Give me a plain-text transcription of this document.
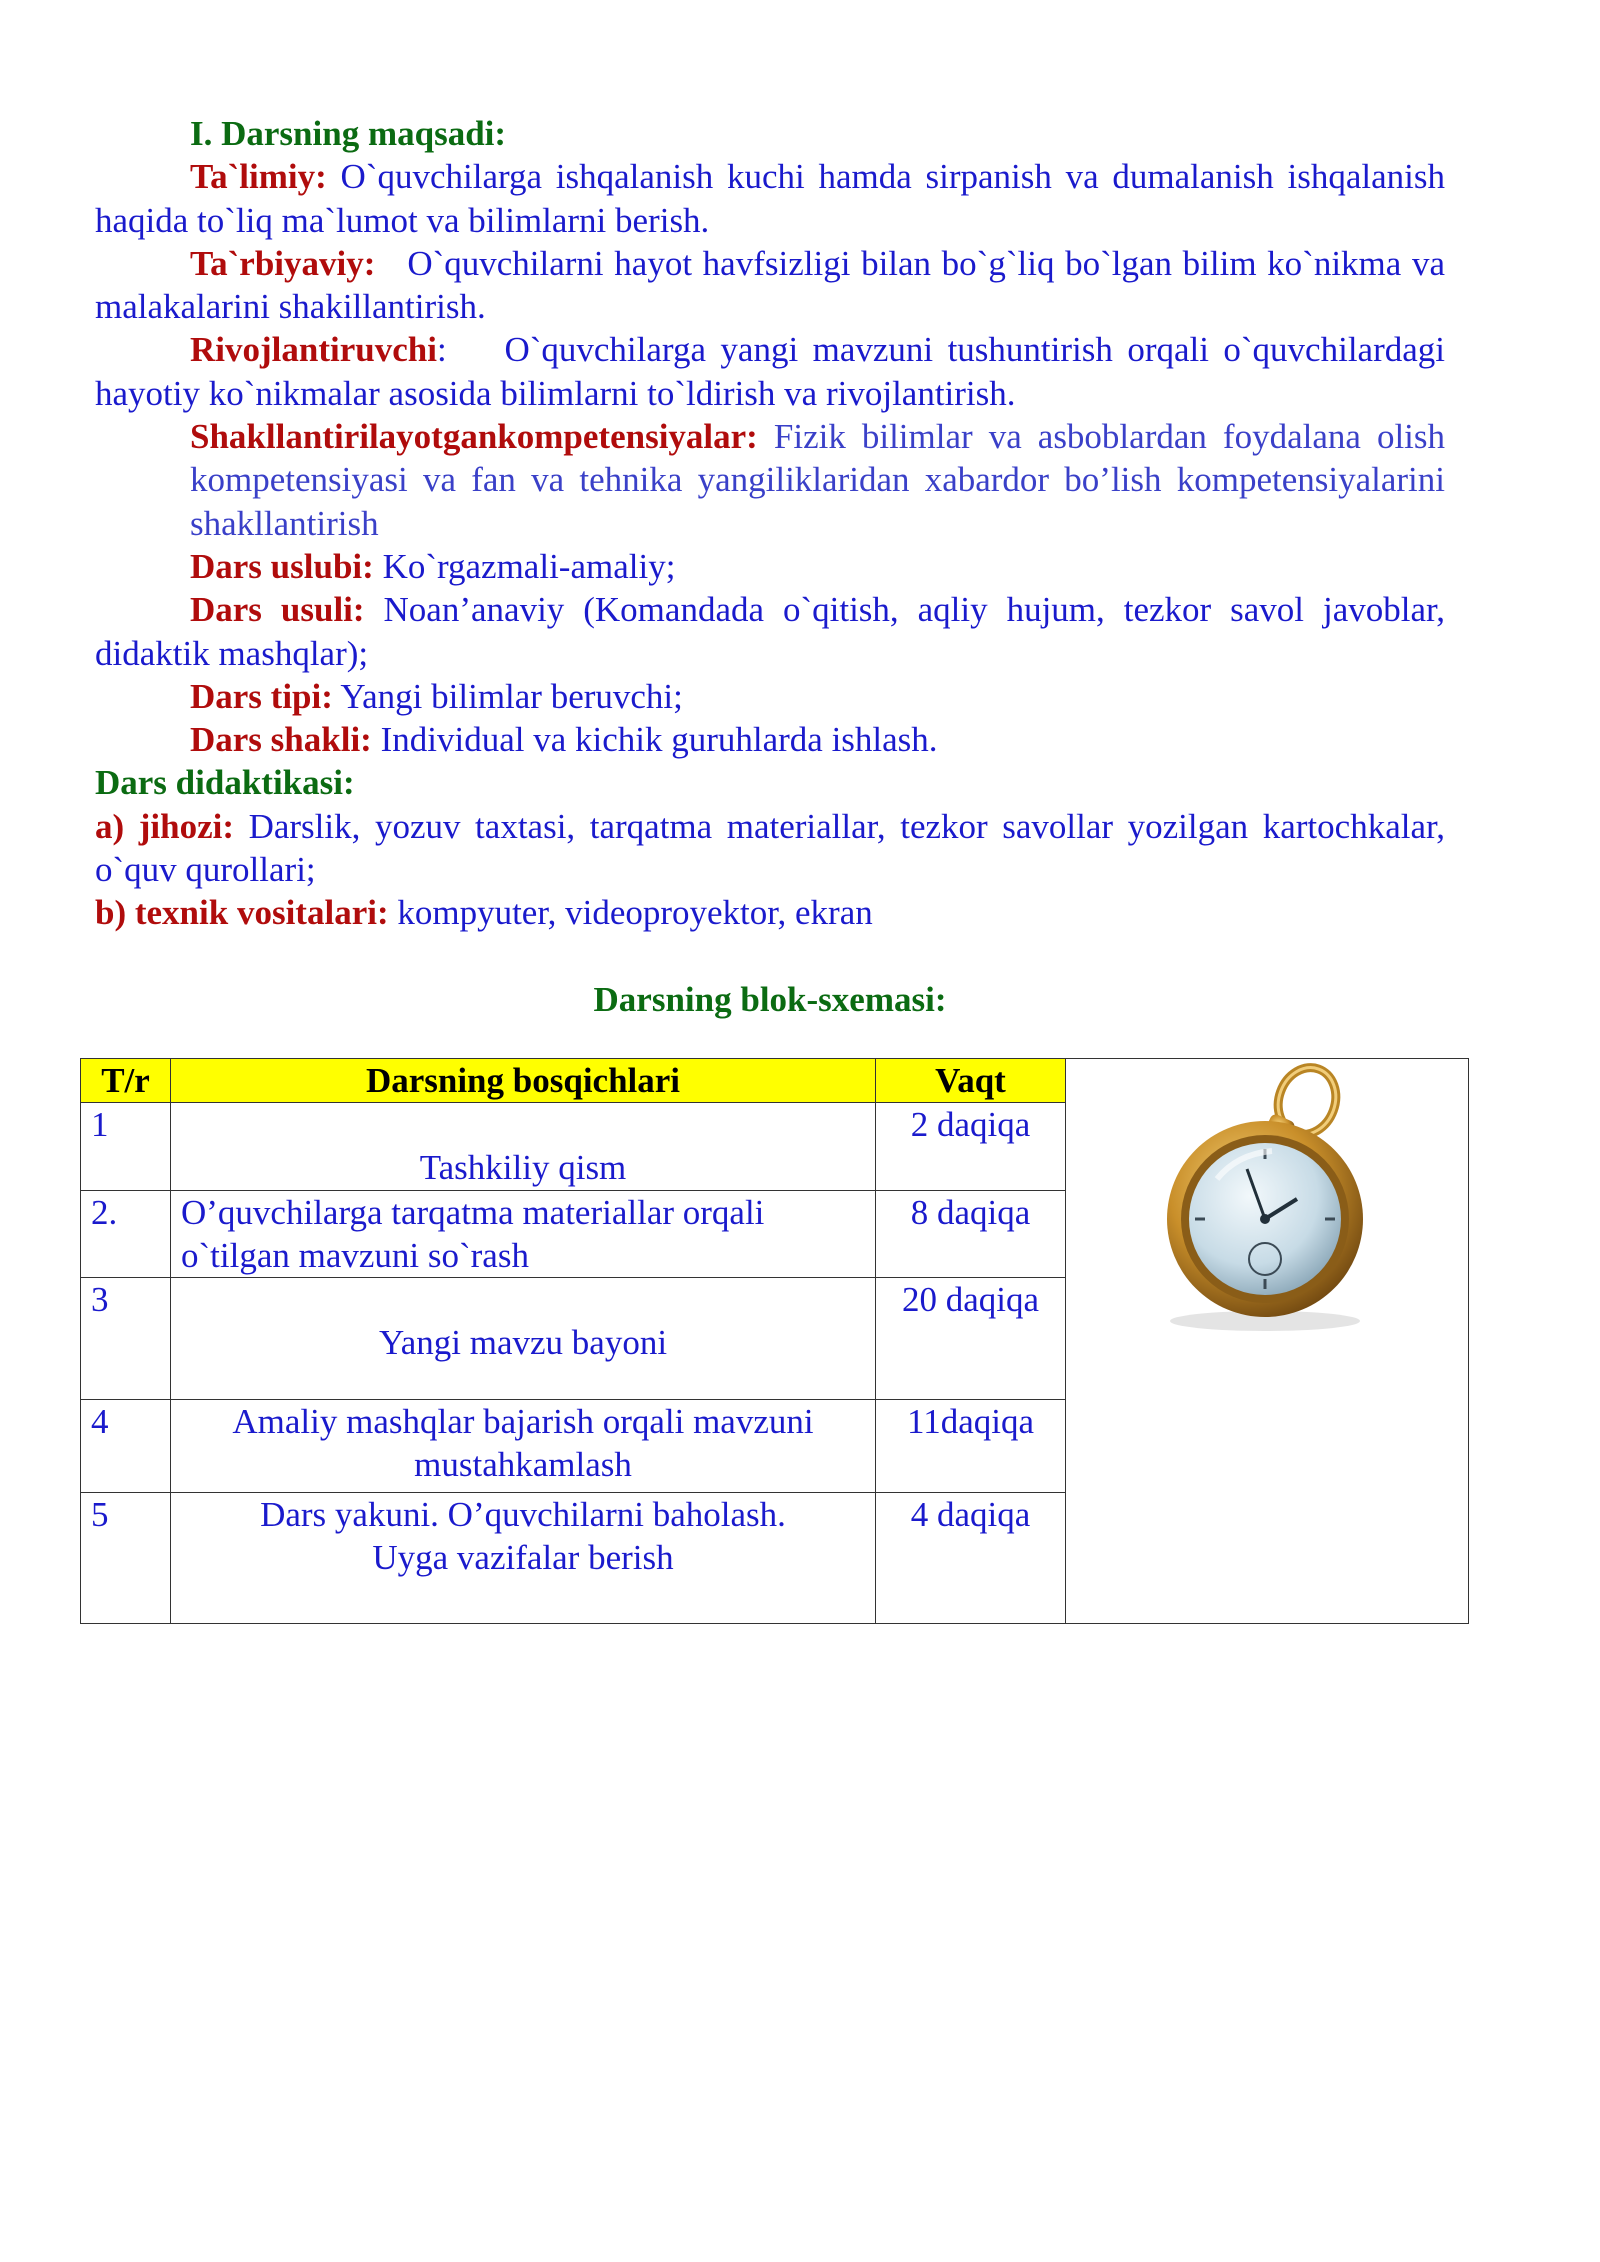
I. Darsning maqsadi:
Ta`limiy: O`quvchilarga ishqalanish kuchi hamda sirpanish va dumalanish ishqalanish haqida to`liq ma`lumot va bilimlarni berish.
Ta`rbiyaviy: O`quvchilarni hayot havfsizligi bilan bo`g`liq bo`lgan bilim ko`nikma va malakalarini shakillantirish.
Rivojlantiruvchi: O`quvchilarga yangi mavzuni tushuntirish orqali o`quvchilardagi hayotiy ko`nikmalar asosida bilimlarni to`ldirish va rivojlantirish.
Shakllantirilayotgankompetensiyalar: Fizik bilimlar va asboblardan foydalana olish kompetensiyasi va fan va tehnika yangiliklaridan xabardor bo’lish kompetensiyalarini shakllantirish
Dars uslubi: Ko`rgazmali-amaliy;
Dars usuli: Noan’anaviy (Komandada o`qitish, aqliy hujum, tezkor savol javoblar, didaktik mashqlar);
Dars tipi: Yangi bilimlar beruvchi;
Dars shakli: Individual va kichik guruhlarda ishlash.
Dars didaktikasi:
a) jihozi: Darslik, yozuv taxtasi, tarqatma materiallar, tezkor savollar yozilgan kartochkalar, o`quv qurollari;
b) texnik vositalari: kompyuter, videoproyektor, ekran
Darsning blok-sxemasi:
T/r	Darsning bosqichlari	Vaqt	
1	Tashkiliy qism	2 daqiqa	
2.	O’quvchilarga tarqatma materiallar orqali o`tilgan mavzuni so`rash	8 daqiqa	
3	Yangi mavzu bayoni	20 daqiqa	
4	Amaliy mashqlar bajarish orqali mavzuni mustahkamlash	11daqiqa	
5	Dars yakuni. O’quvchilarni baholash. Uyga vazifalar berish	4 daqiqa	
